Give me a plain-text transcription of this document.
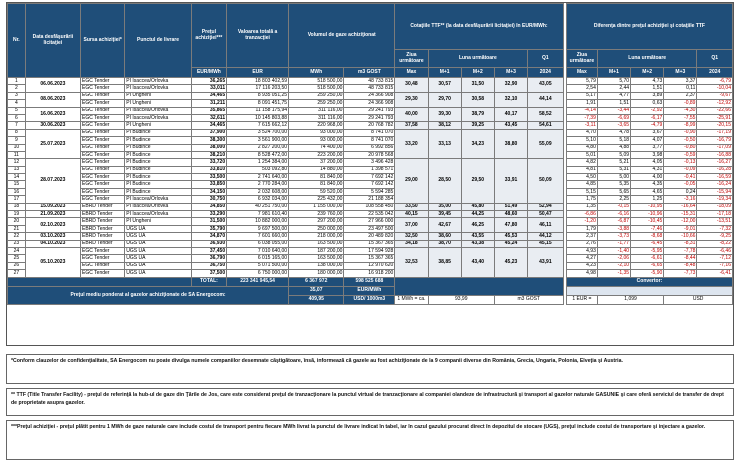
Nr.	Data desfăşurării licitaţiei	Sursa achiziţiei*	Punctul de livrare	Preţul achiziţiei***	Valoarea totală a tranzacţiei	Volumul de gaze achiziţionat		Cotaţiile TTF** (la data desfăşurării licitaţiei) în EUR/MWh:						Diferenţa dintre preţul achiziţiei şi cotaţiile TTF				
								Ziua următoare	Luna următoare			Q1		Ziua următoare	Luna următoare			Q1
				EUR/MWh	EUR	MWh	m3 GOST	Max	M+1	M+2	M+3	2024		Max	M+1	M+2	M+3	2024
1	06.06.2023	EGC Tender	PI Isaccea/Orlovka	36,265	18 803 402,59	518 500,00	48 733 815	30,48	30,57	31,50	32,90	43,05		5,79	5,70	4,73	3,37	-6,79
2		EGC Tender	PI Isaccea/Orlovka	33,011	17 116 203,50	518 500,00	48 733 815							2,54	2,44	1,51	0,11	-10,04
3	08.06.2023	EGC Tender	PI Ungheni	34,465	8 935 051,25	259 250,00	24 366 908	29,30	29,70	30,58	32,10	44,14		5,17	4,77	3,89	2,37	-9,67
4		EGC Tender	PI Ungheni	31,211	8 091 451,75	259 250,00	24 366 908							1,91	1,51	0,63	-0,89	-12,92
5	16.06.2023	EGC Tender	PI Isaccea/Orlovka	35,865	11 158 175,94	311 116,00	29 241 793	40,00	39,30	38,79	40,17	58,52		-4,14	-3,44	-2,92	-4,30	-22,66
6		EGC Tender	PI Isaccea/Orlovka	32,611	10 145 803,88	311 116,00	29 241 793							-7,39	-6,69	-6,17	-7,55	-25,91
7	30.06.2023	EGC Tender	PI Ungheni	34,465	7 615 662,12	220 968,00	20 768 782	37,58	38,12	39,25	43,45	54,61		-3,11	-3,65	-4,79	-8,99	-20,15
8	25.07.2023	EGC Tender	PI Budince	37,900	3 524 700,00	93 000,00	8 741 070	33,20	33,13	34,23	38,80	55,09		4,70	4,78	3,67	-0,90	-17,19
9		EGC Tender	PI Budince	38,300	3 561 900,00	93 000,00	8 741 070							5,10	5,18	4,07	-0,50	-16,79
10		EGC Tender	PI Budince	38,000	2 827 200,00	74 400,00	6 992 856							4,80	4,88	3,77	-0,80	-17,09
11		EGC Tender	PI Budince	38,210	8 528 472,00	223 200,00	20 978 568							5,01	5,09	3,98	-0,59	-16,88
12	28.07.2023	EGC Tender	PI Budince	33,720	1 254 384,00	37 200,00	3 496 428	29,00	28,50	29,50	33,91	50,09		4,82	5,21	4,05	-0,13	-16,27
13		EGC Tender	PI Budince	33,810	503 092,80	14 880,00	1 398 571							4,81	5,31	4,31	-0,09	-16,28
14		EGC Tender	PI Budince	33,500	2 741 640,00	81 840,00	7 692 142							4,50	5,00	4,00	-0,41	-16,59
15		EGC Tender	PI Budince	33,850	2 770 284,00	81 840,00	7 692 142							4,85	5,35	4,35	-0,05	-16,24
16		EGC Tender	PI Budince	34,150	2 032 608,00	59 520,00	5 594 285							5,15	5,65	4,65	0,24	-15,94
17		EGC Tender	PI Isaccea/Orlovka	30,750	6 932 034,00	225 432,00	21 188 354							1,75	2,25	1,25	-3,16	-19,34
18	15.09.2023	EBRD Tender	PI Isaccea/Orlovka	34,850	40 251 750,00	1 155 000,00	108 558 450	33,50	35,00	45,80	51,49	52,94		1,35	-0,15	-10,95	-16,64	-18,09
19	21.09.2023	EBRD Tender	PI Isaccea/Orlovka	33,290	7 981 610,40	239 760,00	22 535 042	40,15	39,45	44,25	48,60	50,47		-6,86	-6,16	-10,96	-15,31	-17,18
20	02.10.2023	EBRD Tender	PI Ungheni	31,500	10 882 000,00	297 200,00	27 966 000	37,00	42,67	46,25	47,80	46,11		-1,20	-6,87	-10,45	-12,00	-13,51
21		EBRD Tender	UGS UA	35,790	9 697 500,00	250 000,00	23 497 500							1,79	-3,88	-7,46	-9,01	-7,32
22	03.10.2023	EBRD Tender	UGS UA	34,870	7 601 660,00	218 000,00	20 489 820	32,50	38,60	43,55	45,53	44,12		2,37	-3,73	-8,68	-10,66	-9,25
23	04.10.2023	EBRD Tender	UGS UA	36,930	6 038 055,00	163 500,00	15 367 365	34,18	38,70	43,38	45,24	45,15		2,76	-1,77	-6,45	-8,31	-8,22
24	05.10.2023	EGC Tender	UGS UA	37,450	7 010 640,00	187 200,00	17 594 928	32,53	38,85	43,40	45,23	43,91		4,93	-1,40	-5,95	-7,78	-6,46
25		EGC Tender	UGS UA	36,790	6 015 165,00	163 500,00	15 367 365							4,27	-2,06	-6,61	-8,44	-7,12
26		EGC Tender	UGS UA	36,750	5 071 500,00	138 000,00	12 970 620							4,23	-2,10	-6,65	-8,48	-7,16
27		EGC Tender	UGS UA	37,500	6 750 000,00	180 000,00	16 918 200							4,98	-1,35	-5,90	-7,73	-6,41
				TOTAL:	223 341 945,54	6 367 972	598 525 688							Convertor:				
Preţul mediu ponderat al gazelor achiziţionate de SA Energocom:						35,07	EUR/MWh											
						409,95	USD/ 1000m3	1 MWh = ca.	93,99		m3 GOST			1 EUR =	1,099		USD	
*Conform clauzelor de confidenţialitate, SA Energocom nu poate divulga numele companiilor desemnate câştigătoare, însă, informează că gazele au fost achiziţionate de la 9 companii diverse din România, Grecia, Ungaria, Polonia, Elveţia şi Austria.
** TTF (Title Transfer Facility) - preţul de referinţă la hub-ul de gaze din Ţările de Jos, care este considerat preţul de tranzacţionare la punctul virtual de tranzacţionare al companiei olandeze de infrastructură şi transport al gazelor naturale GASUNIE şi care oferă serviciul de transfer de drept de proprietate asupra gazelor.
***Preţul achiziţiei - preţul plătit pentru 1 MWh de gaze naturale care include costul de transport pentru fiecare MWh livrat la punctul de livrare indicat în tabel, iar în cazul gazului procurat direct în depozitul de stocare (UGS), preţul include costul de transportare şi injectare a gazelor.
